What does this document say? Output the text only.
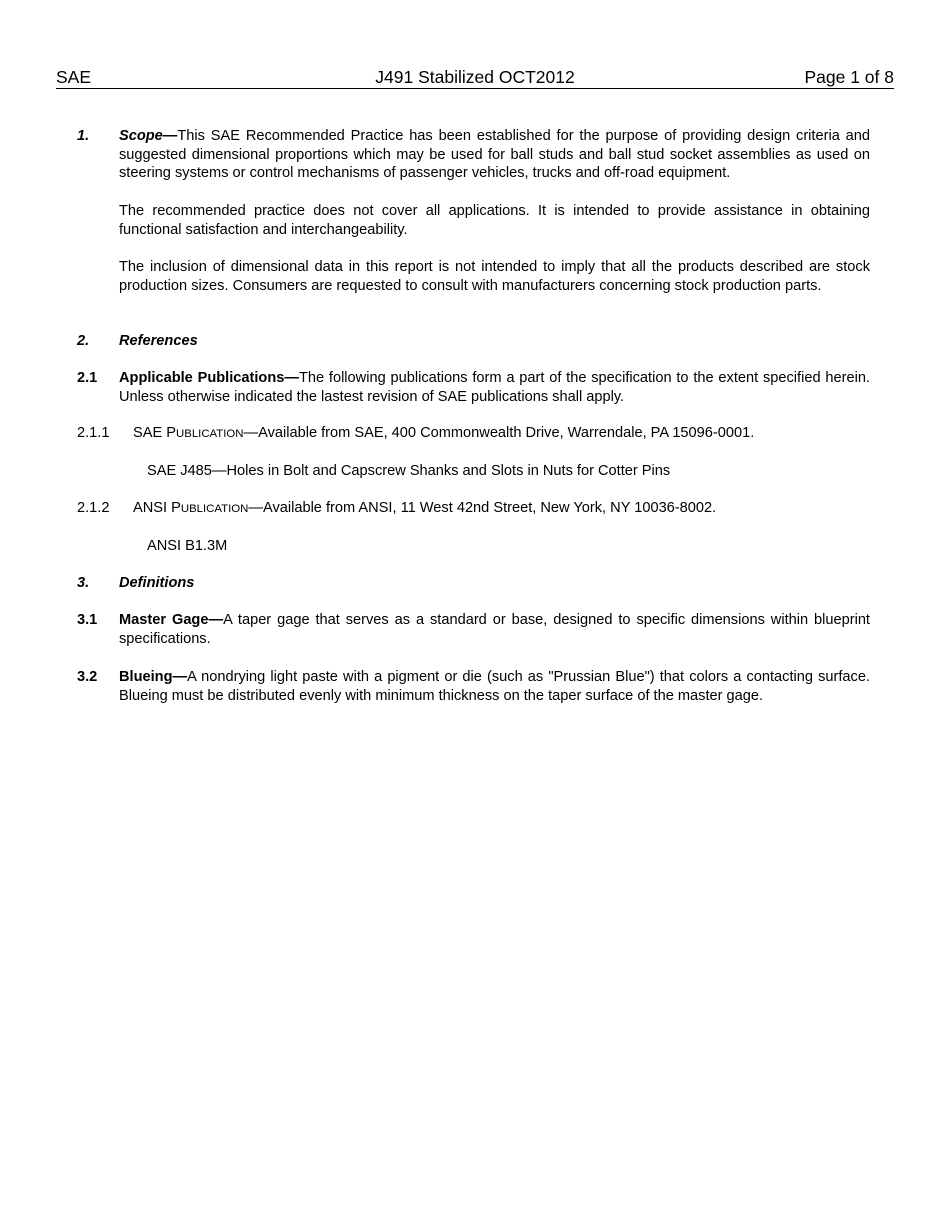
SAE	J491 Stabilized OCT2012	Page 1 of 8
1. Scope—This SAE Recommended Practice has been established for the purpose of providing design criteria and suggested dimensional proportions which may be used for ball studs and ball stud socket assemblies as used on steering systems or control mechanisms of passenger vehicles, trucks and off-road equipment.
The recommended practice does not cover all applications. It is intended to provide assistance in obtaining functional satisfaction and interchangeability.
The inclusion of dimensional data in this report is not intended to imply that all the products described are stock production sizes. Consumers are requested to consult with manufacturers concerning stock production parts.
2. References
2.1 Applicable Publications—The following publications form a part of the specification to the extent specified herein. Unless otherwise indicated the lastest revision of SAE publications shall apply.
2.1.1 SAE PUBLICATION—Available from SAE, 400 Commonwealth Drive, Warrendale, PA 15096-0001.
SAE J485—Holes in Bolt and Capscrew Shanks and Slots in Nuts for Cotter Pins
2.1.2 ANSI PUBLICATION—Available from ANSI, 11 West 42nd Street, New York, NY 10036-8002.
ANSI B1.3M
3. Definitions
3.1 Master Gage—A taper gage that serves as a standard or base, designed to specific dimensions within blueprint specifications.
3.2 Blueing—A nondrying light paste with a pigment or die (such as "Prussian Blue") that colors a contacting surface. Blueing must be distributed evenly with minimum thickness on the taper surface of the master gage.
